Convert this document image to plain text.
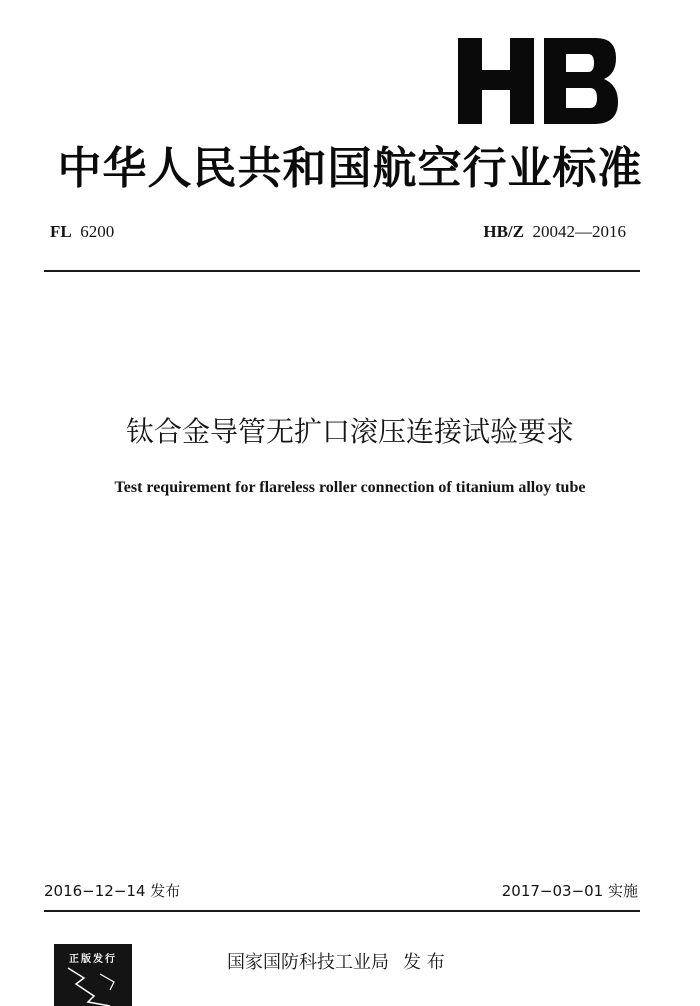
中华人民共和国航空行业标准
FL 6200	HB/Z 20042—2016
钛合金导管无扩口滚压连接试验要求
Test requirement for flareless roller connection of titanium alloy tube
2016−12−14 发布	2017−03−01 实施
正版发行	国家国防科技工业局 发 布
